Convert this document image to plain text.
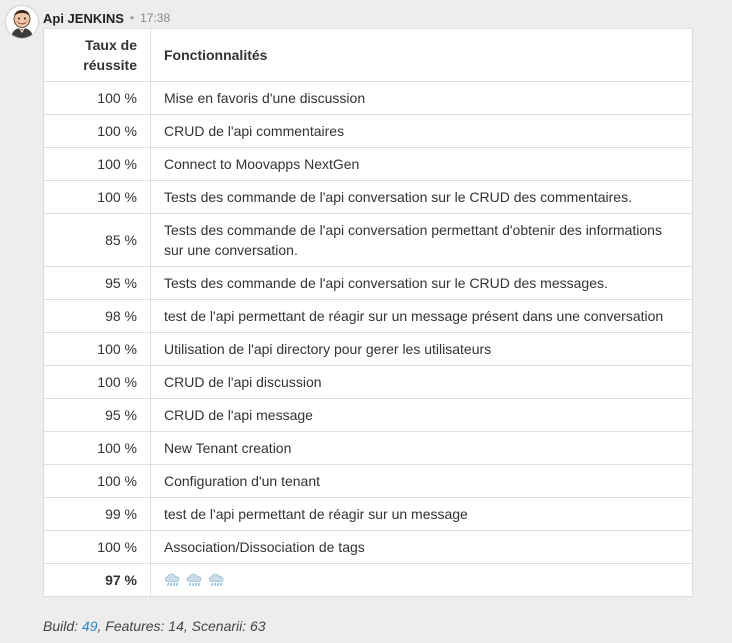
Api JENKINS • 17:38
Taux de réussite	Fonctionnalités
100 %	Mise en favoris d'une discussion
100 %	CRUD de l'api commentaires
100 %	Connect to Moovapps NextGen
100 %	Tests des commande de l'api conversation sur le CRUD des commentaires.
85 %	Tests des commande de l'api conversation permettant d'obtenir des informations sur une conversation.
95 %	Tests des commande de l'api conversation sur le CRUD des messages.
98 %	test de l'api permettant de réagir sur un message présent dans une conversation
100 %	Utilisation de l'api directory pour gerer les utilisateurs
100 %	CRUD de l'api discussion
95 %	CRUD de l'api message
100 %	New Tenant creation
100 %	Configuration d'un tenant
99 %	test de l'api permettant de réagir sur un message
100 %	Association/Dissociation de tags
97 %	
Build: 49, Features: 14, Scenarii: 63
